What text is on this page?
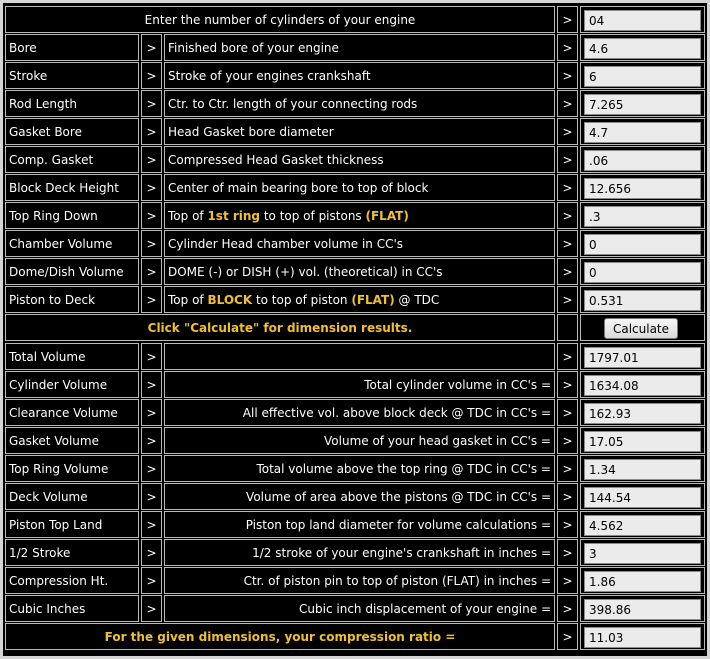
Enter the number of cylinders of your engine	>	04
Click "Calculate" for dimension results.	Calculate
For the given dimensions, your compression ratio =	>	11.03
Bore	> Finished bore of your engine	>	4.6
Stroke	> Stroke of your engines crankshaft	>	6
Rod Length	> Ctr. to Ctr. length of your connecting rods	>	7.265
Gasket Bore	> Head Gasket bore diameter	>	4.7
Comp. Gasket	> Compressed Head Gasket thickness	>	.06
Block Deck Height > Center of main bearing bore to top of block	>	12.656
Top Ring Down	> Top of 1st ring to top of pistons (FLAT)	>	.3
Chamber Volume	> Cylinder Head chamber volume in CC's	>	0
Dome/Dish Volume > DOME (-) or DISH (+) vol. (theoretical) in CC's	>	0
Piston to Deck	> Top of BLOCK to top of piston (FLAT) @ TDC	>	0.531
Total Volume	>	>	1797.01
Cylinder Volume	>	Total cylinder volume in CC's = >	1634.08
Clearance Volume >	All effective vol. above block deck @ TDC in CC's = >	162.93
Gasket Volume	>	Volume of your head gasket in CC's = >	17.05
Top Ring Volume	>	Total volume above the top ring @ TDC in CC's = >	1.34
Deck Volume	>	Volume of area above the pistons @ TDC in CC's = >	144.54
Piston Top Land	>	Piston top land diameter for volume calculations = >	4.562
1/2 Stroke	>	1/2 stroke of your engine's crankshaft in inches = >	3
Compression Ht.	>	Ctr. of piston pin to top of piston (FLAT) in inches = >	1.86
Cubic Inches	>	Cubic inch displacement of your engine = >	398.86
